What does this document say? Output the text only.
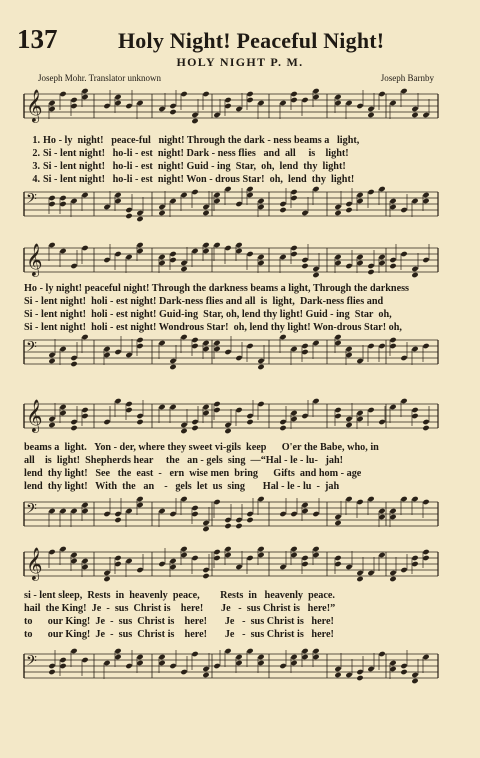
137	Holy Night! Peaceful Night!
HOLY NIGHT P. M.
Joseph Mohr. Translator unknown	Joseph Barnby
𝄞
1. Ho - ly  night!   peace-ful   night! Through the dark - ness beams a   light,
2. Si - lent night!   ho-li - est  night! Dark - ness flies   and  all     is    light!
3. Si - lent night!   ho-li - est  night! Guid - ing  Star,  oh,  lend  thy  light!
4. Si - lent night!   ho-li - est  night! Won - drous Star!  oh,  lend  thy  light!
𝄢
𝄞
Ho - ly night! peaceful night! Through the darkness beams a light, Through the darkness
Si - lent night!  holi - est night! Dark-ness flies and all  is  light,  Dark-ness flies and
Si - lent night!  holi - est night! Guid-ing  Star, oh, lend thy light! Guid - ing  Star  oh,
Si - lent night!  holi - est night! Wondrous Star!  oh, lend thy light! Won-drous Star! oh,
𝄢
𝄞
beams a  light.   Yon - der, where they sweet vi-gils  keep      O'er the Babe, who, in
all    is  light!  Shepherds hear     the   an - gels  sing  —“Hal - le - lu-   jah!
lend  thy light!   See   the  east  -   ern  wise men  bring      Gifts  and hom - age
lend  thy light!   With  the   an    -   gels  let  us  sing       Hal - le - lu  -  jah
𝄢
𝄞
si - lent sleep,  Rests  in  heavenly  peace,        Rests  in   heavenly  peace.
hail  the King!  Je  -  sus  Christ is    here!       Je   -  sus Christ is   here!”
to      our King!  Je  -  sus  Christ is    here!       Je   -  sus Christ is   here!
to      our King!  Je  -  sus  Christ is    here!       Je   -  sus Christ is   here!
𝄢
